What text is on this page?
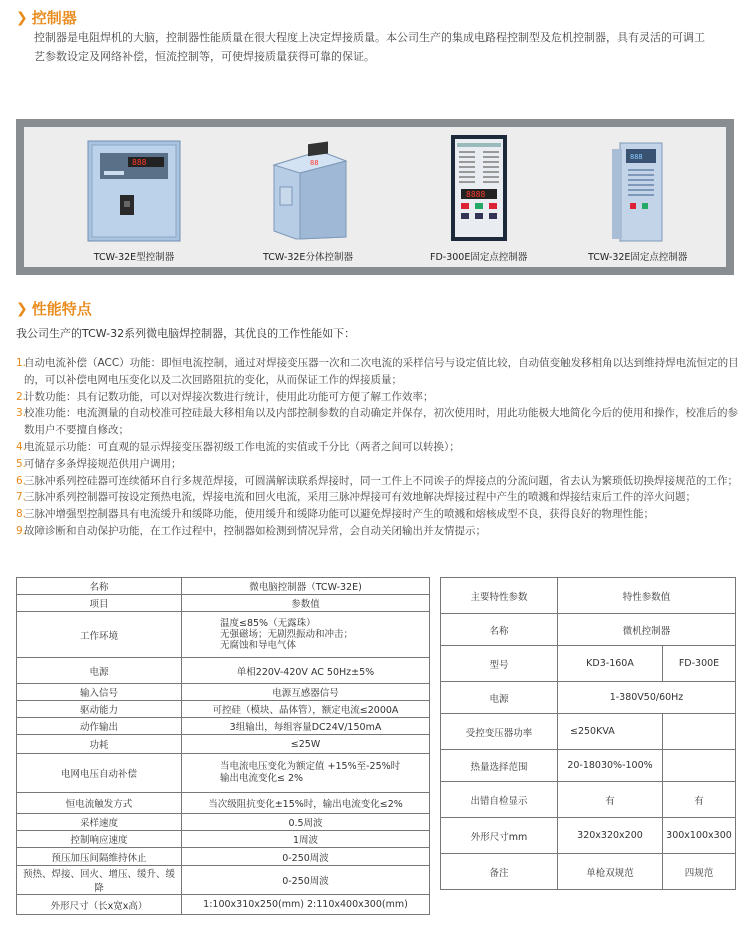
❯ 控制器
控制器是电阻焊机的大脑，控制器性能质量在很大程度上决定焊接质量。本公司生产的集成电路程控制型及危机控制器，具有灵活的可调工艺参数设定及网络补偿，恒流控制等，可使焊接质量获得可靠的保证。
888
TCW-32E型控制器
88
TCW-32E分体控制器
8888
FD-300E固定点控制器
888
TCW-32E固定点控制器
❯ 性能特点
我公司生产的TCW-32系列微电脑焊控制器，其优良的工作性能如下：
1.
自动电流补偿（ACC）功能：即恒电流控制，通过对焊接变压器一次和二次电流的采样信号与设定值比较，自动值变触发移相角以达到维持焊电流恒定的目的，可以补偿电网电压变化以及二次回路阻抗的变化，从而保证工作的焊接质量；
2.
计数功能：具有记数功能，可以对焊接次数进行统计，使用此功能可方便了解工作效率；
3.
校准功能：电流测量的自动校准可控硅最大移相角以及内部控制参数的自动确定并保存，初次使用时，用此功能极大地简化今后的使用和操作，校准后的参数用户不要擅自修改；
4.
电流显示功能：可直观的显示焊接变压器初级工作电流的实值或千分比（两者之间可以转换）；
5.
可储存多条焊接规范供用户调用；
6.
三脉冲系列控硅器可连续循环自行多规范焊接，可圆满解读联系焊接时，同一工件上不同诶子的焊接点的分流问题，省去认为繁琐低切换焊接规范的工作；
7.
三脉冲系列控制器可按设定预热电流，焊接电流和回火电流，采用三脉冲焊接可有效地解决焊接过程中产生的喷溅和焊接结束后工件的淬火问题；
8.
三脉冲增强型控制器具有电流缓升和缓降功能，使用缓升和缓降功能可以避免焊接时产生的喷溅和熔核成型不良，获得良好的物理性能；
9.
故障诊断和自动保护功能，在工作过程中，控制器如检测到情况异常，会自动关闭输出并友情提示；
名称	微电脑控制器（TCW-32E)
项目	参数值
工作环境	温度≤85%（无露珠）
无强磁场；无剧烈振动和冲击；
无腐蚀和导电气体

电源	单相220V-420V AC 50Hz±5%
输入信号	电源互感器信号
驱动能力	可控硅（模块、晶体管），额定电流≤2000A
动作输出	3组输出，每组容量DC24V/150mA
功耗	≤25W
电网电压自动补偿	当电流电压变化为额定值 +15%至-25%时
输出电流变化≤ 2%

恒电流触发方式	当次级阻抗变化±15%时，输出电流变化≤2%
采样速度	0.5周波
控制响应速度	1周波
预压加压间隔维持休止	0-250周波
预热、焊接、回火、增压、缓升、缓降	0-250周波
外形尺寸（长x宽x高）	1:100x310x250(mm) 2:110x400x300(mm)
主要特性参数	特性参数值	
名称	微机控制器	
型号	KD3-160A	FD-300E
电源	1-380V50/60Hz	
受控变压器功率	≤250KVA	
热量选择范围	20-18030%-100%	
出错自检显示	有	有
外形尺寸mm	320x320x200	300x100x300
备注	单枪双规范	四规范
